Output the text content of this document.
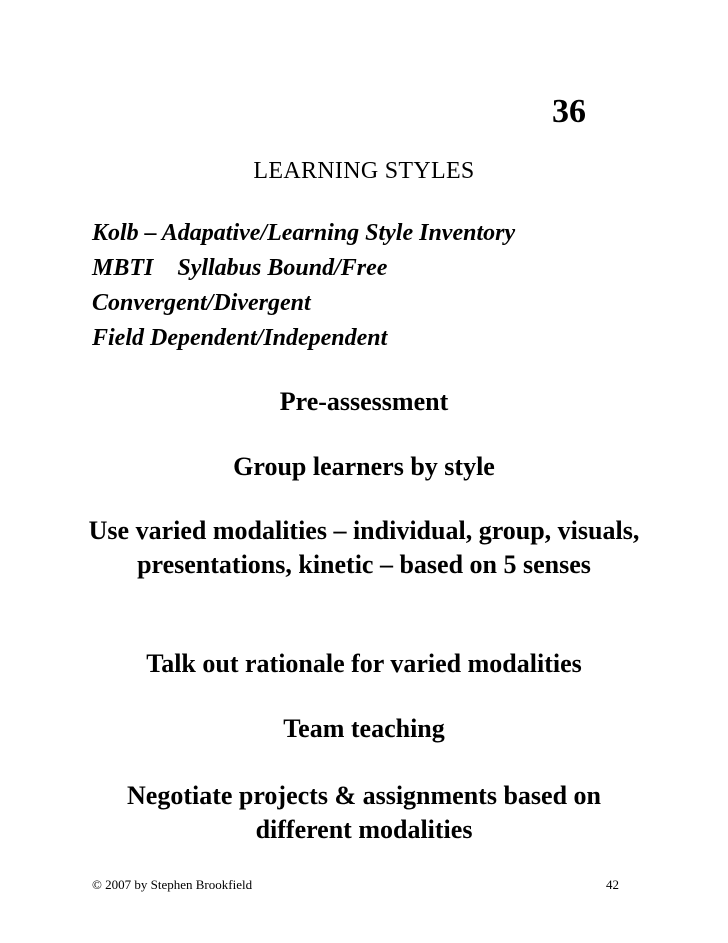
36
LEARNING STYLES
Kolb – Adapative/Learning Style Inventory
MBTI    Syllabus Bound/Free
Convergent/Divergent
Field Dependent/Independent

Pre-assessment

Group learners by style

Use varied modalities – individual, group, visuals, presentations, kinetic – based on 5 senses

Talk out rationale for varied modalities

Team teaching

Negotiate projects & assignments based on different modalities

© 2007 by Stephen Brookfield	42
